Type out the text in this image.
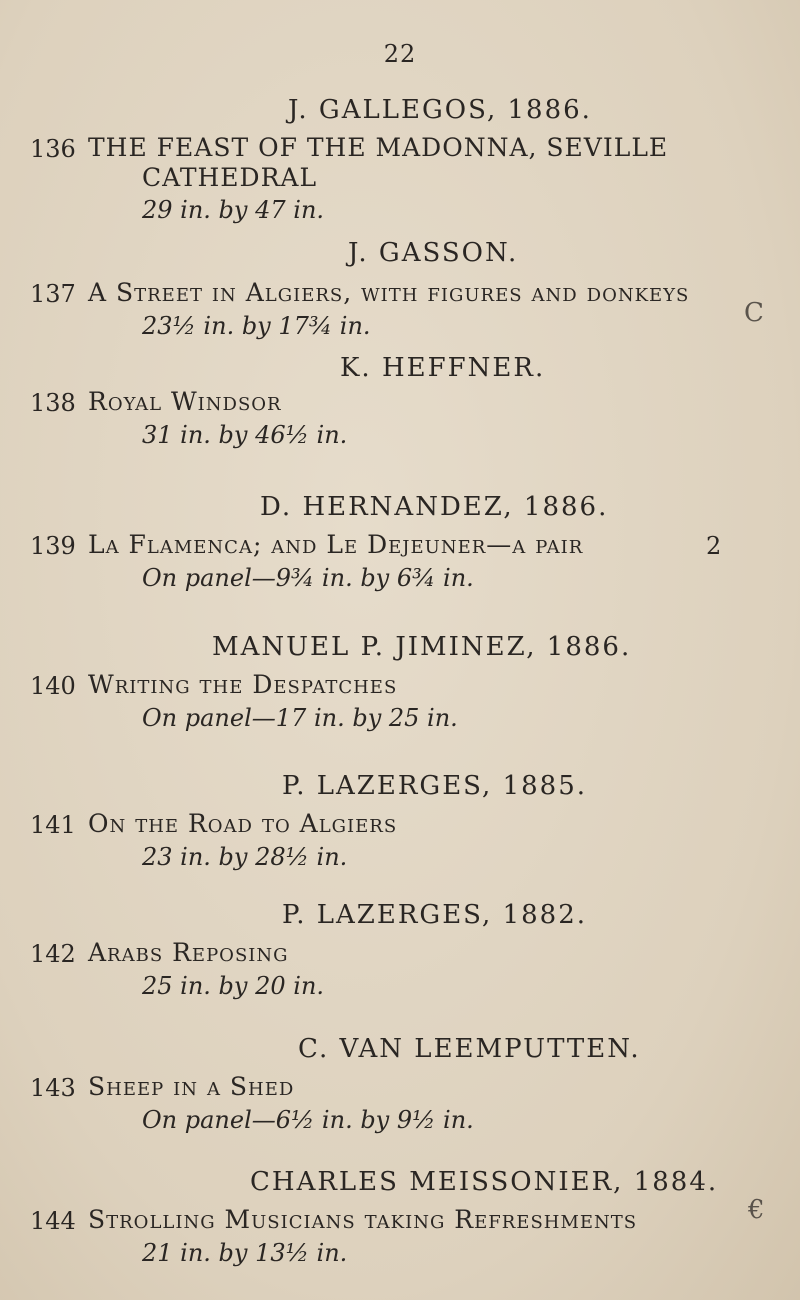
22
J. GALLEGOS, 1886.
136 THE FEAST OF THE MADONNA, SEVILLE
CATHEDRAL
29 in. by 47 in.
J. GASSON.
137 A Street in Algiers, with figures and donkeys
23½ in. by 17¾ in.
K. HEFFNER.
138 Royal Windsor
31 in. by 46½ in.
D. HERNANDEZ, 1886.
139 La Flamenca; and Le Dejeuner—a pair	2
On panel—9¾ in. by 6¾ in.
MANUEL P. JIMINEZ, 1886.
140 Writing the Despatches
On panel—17 in. by 25 in.
P. LAZERGES, 1885.
141 On the Road to Algiers
23 in. by 28½ in.
P. LAZERGES, 1882.
142 Arabs Reposing
25 in. by 20 in.
C. VAN LEEMPUTTEN.
143 Sheep in a Shed
On panel—6½ in. by 9½ in.
CHARLES MEISSONIER, 1884.
144 Strolling Musicians taking Refreshments
21 in. by 13½ in.
C
€
